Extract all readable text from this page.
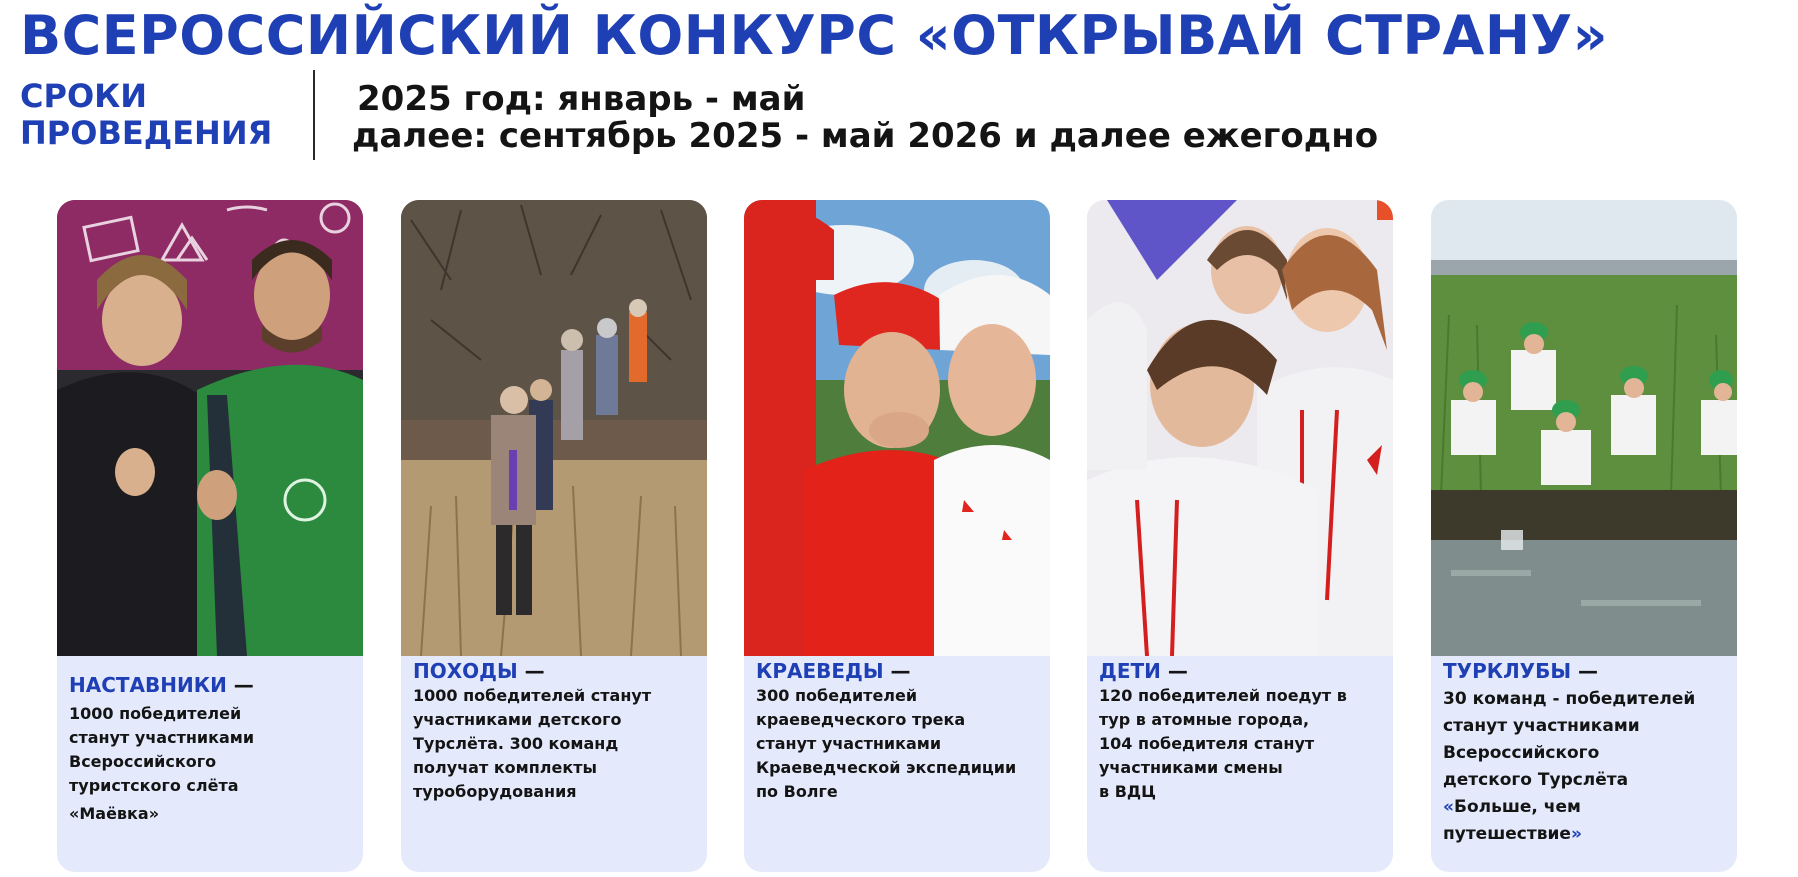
ВСЕРОССИЙСКИЙ КОНКУРС «ОТКРЫВАЙ СТРАНУ»
СРОКИ ПРОВЕДЕНИЯ
2025 год: январь - май
далее: сентябрь 2025 - май 2026 и далее ежегодно
НАСТАВНИКИ —
1000 победителей
станут участниками
Всероссийского
туристского слёта
«Маёвка»
ПОХОДЫ —
1000 победителей станут
участниками детского
Турслёта. 300 команд
получат комплекты
туроборудования
КРАЕВЕДЫ —
300 победителей
краеведческого трека
станут участниками
Краеведческой экспедиции
по Волге
ДЕТИ —
120 победителей поедут в
тур в атомные города,
104 победителя станут
участниками смены
в ВДЦ
ТУРКЛУБЫ —
30 команд - победителей
станут участниками
Всероссийского
детского Турслёта
«Больше, чем
путешествие»
